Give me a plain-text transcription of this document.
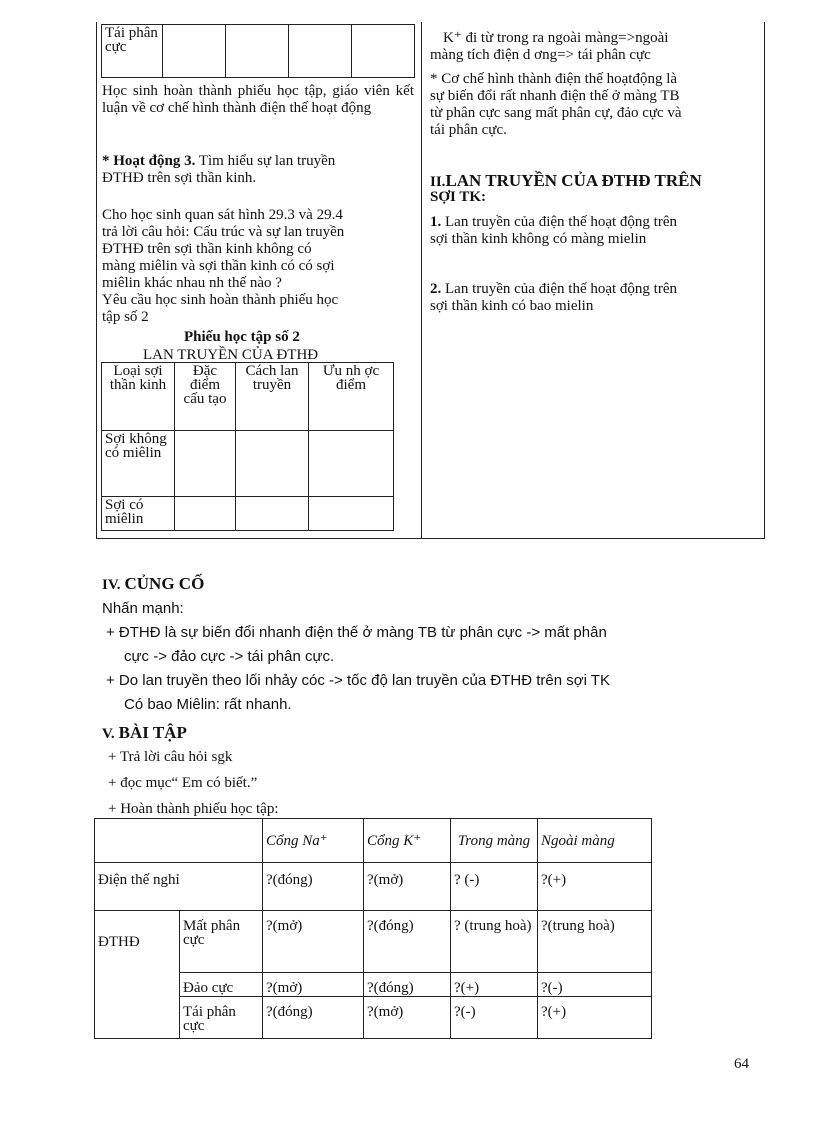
Tái phân cực				
Học sinh hoàn thành phiếu học tập, giáo viên kết luận về cơ chế hình thành điện thế hoạt động
* Hoạt động 3. Tìm hiểu sự lan truyền
ĐTHĐ trên sợi thần kinh.
Cho học sinh quan sát hình 29.3 và 29.4
trả lời câu hỏi: Cấu trúc và sự lan truyền
ĐTHĐ trên sợi thần kinh không có
màng miêlin và sợi thần kinh có có sợi
miêlin khác nhau nh thế nào ?
Yêu cầu học sinh hoàn thành phiếu học
tập số 2
Phiếu học tập số 2
LAN TRUYỀN CỦA ĐTHĐ
Loại sợi thần kinh	Đặc điểm cấu tạo	Cách lan truyền	Ưu nh ợc điểm
Sợi không có miêlin			
Sợi có miêlin			
K⁺ đi từ trong ra ngoài màng=>ngoài
màng tích điện d ơng=> tái phân cực
* Cơ chế hình thành điện thế hoạtđộng là
sự biến đổi rất nhanh điện thế ở màng TB
từ phân cực sang mất phân cự, đảo cực và
tái phân cực.
II.LAN TRUYỀN CỦA ĐTHĐ TRÊN
SỢI TK:
1. Lan truyền của điện thế hoạt động trên
sợi thần kinh không có màng mielin
2. Lan truyền của điện thế hoạt động trên
sợi thần kinh có bao mielin
IV. CỦNG CỐ
Nhấn mạnh:
+ ĐTHĐ là sự biến đổi nhanh điện thế ở màng TB từ phân cực -> mất phân
cực -> đảo cực -> tái phân cực.
+ Do lan truyền theo lối nhảy cóc -> tốc độ lan truyền của ĐTHĐ trên sợi TK
Có bao Miêlin: rất nhanh.
V. BÀI TẬP
+ Trả lời câu hỏi sgk
+ đọc mục“ Em có biết.”
+ Hoàn thành phiếu học tập:
		Cổng Na⁺	Cổng K⁺	Trong màng	Ngoài màng
Điện thế nghỉ		?(đóng)	?(mở)	? (-)	?(+)
ĐTHĐ	Mất phân cực	?(mở)	?(đóng)	? (trung hoà)	?(trung hoà)
	Đảo cực	?(mở)	?(đóng)	?(+)	?(-)
	Tái phân cực	?(đóng)	?(mở)	?(-)	?(+)
64
